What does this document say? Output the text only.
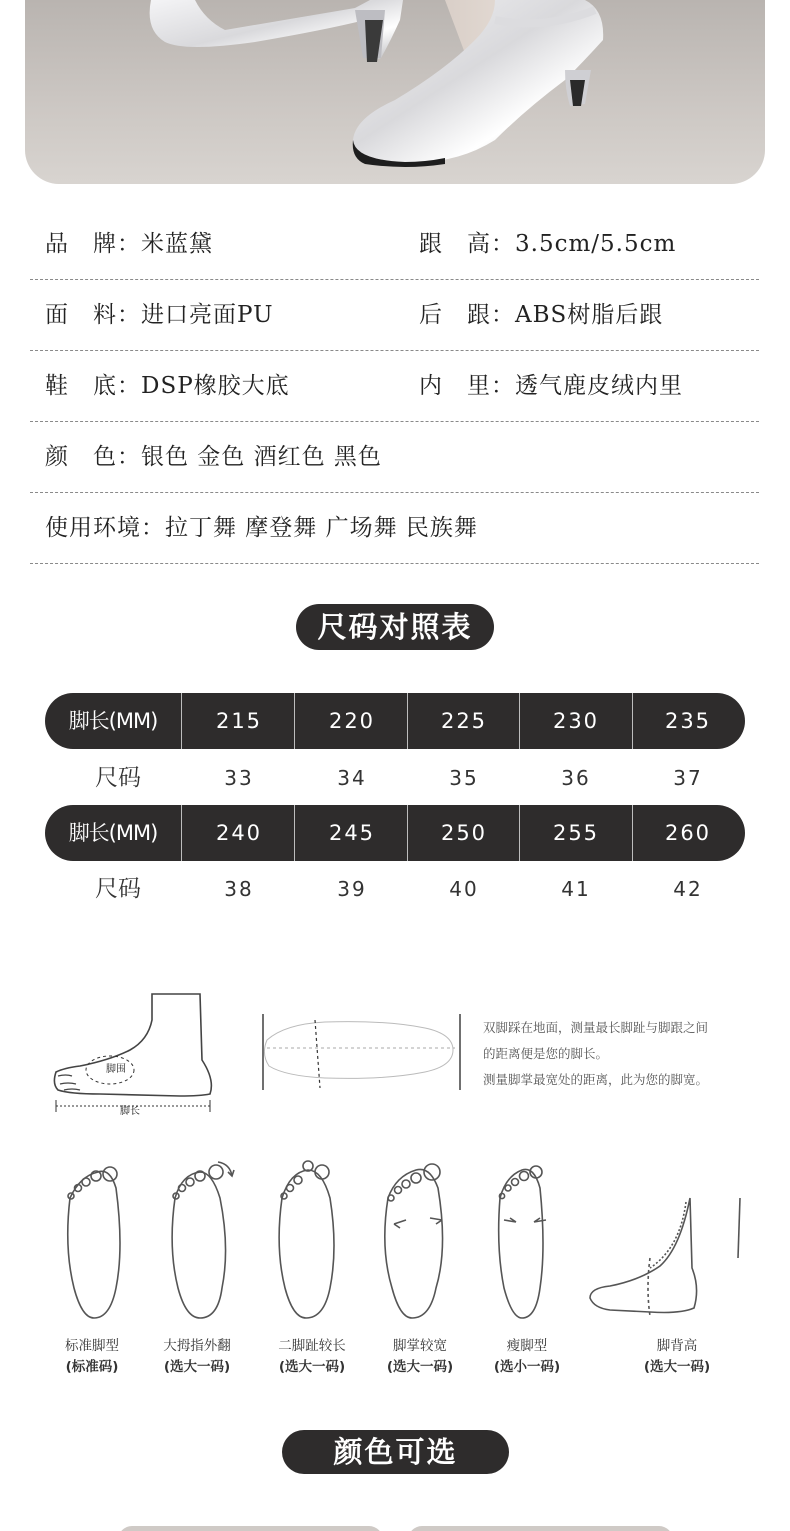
品　牌：米蓝黛	跟　高：3.5cm/5.5cm
面　料：进口亮面PU	后　跟：ABS树脂后跟
鞋　底：DSP橡胶大底	内　里：透气鹿皮绒内里
颜　色：银色 金色 酒红色 黑色
使用环境：拉丁舞 摩登舞 广场舞 民族舞
尺码对照表
脚长(MM)	215	220	225	230	235
尺码	33	34	35	36	37
脚长(MM)	240	245	250	255	260
尺码	38	39	40	41	42
脚围
脚长
双脚踩在地面，测量最长脚趾与脚跟之间
的距离便是您的脚长。
测量脚掌最宽处的距离，此为您的脚宽。
标准脚型
(标准码)
大拇指外翻
(选大一码)
二脚趾较长
(选大一码)
脚掌较宽
(选大一码)
瘦脚型
(选小一码)
脚背高
(选大一码)
颜色可选
